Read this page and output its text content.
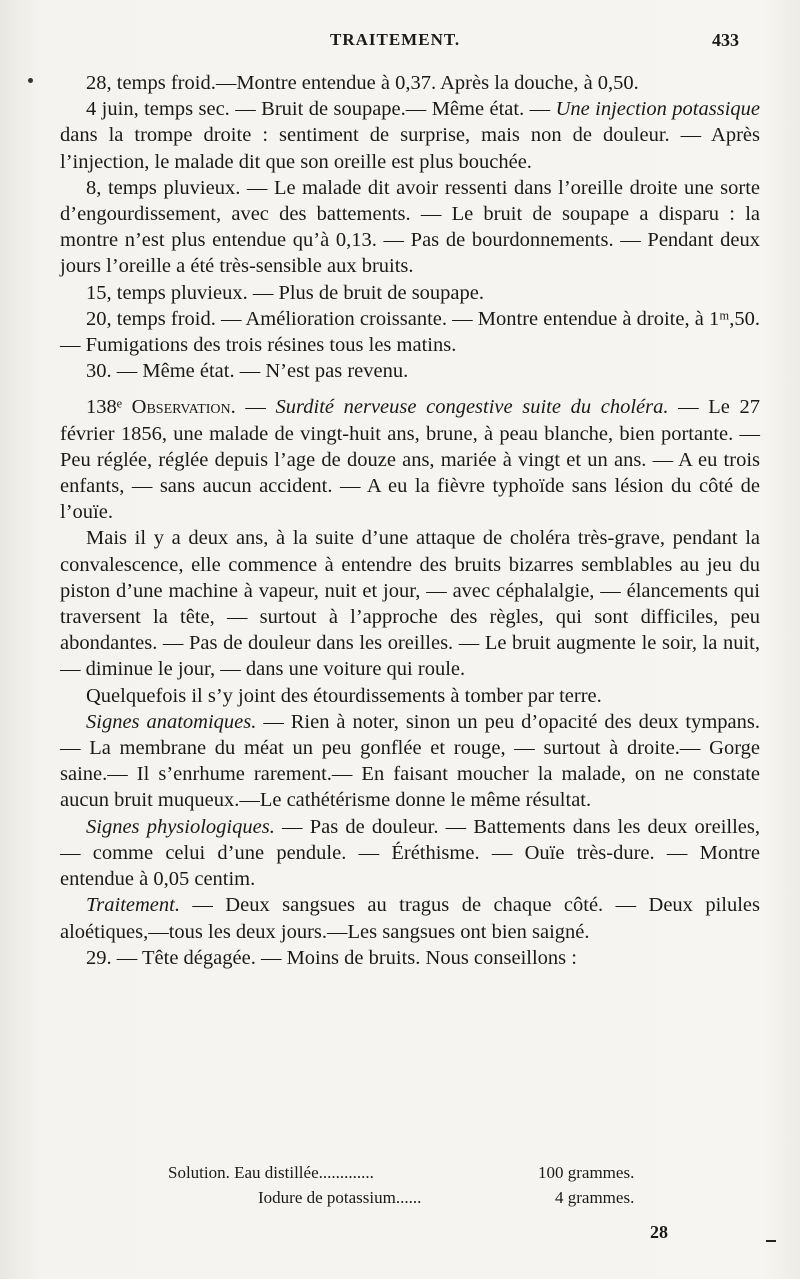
TRAITEMENT.	433

28, temps froid.—Montre entendue à 0,37. Après la douche, à 0,50.

4 juin, temps sec. — Bruit de soupape.— Même état. — Une injection potassique dans la trompe droite : sentiment de surprise, mais non de douleur. — Après l’injection, le malade dit que son oreille est plus bouchée.

8, temps pluvieux. — Le malade dit avoir ressenti dans l’oreille droite une sorte d’engourdissement, avec des battements. — Le bruit de soupape a disparu : la montre n’est plus entendue qu’à 0,13. — Pas de bourdonnements. — Pendant deux jours l’oreille a été très-sensible aux bruits.

15, temps pluvieux. — Plus de bruit de soupape.

20, temps froid. — Amélioration croissante. — Montre entendue à droite, à 1ᵐ,50. — Fumigations des trois résines tous les matins.

30. — Même état. — N’est pas revenu.

138ᵉ Observation. — Surdité nerveuse congestive suite du choléra. — Le 27 février 1856, une malade de vingt-huit ans, brune, à peau blanche, bien portante. — Peu réglée, réglée depuis l’age de douze ans, mariée à vingt et un ans. — A eu trois enfants, — sans aucun accident. — A eu la fièvre typhoïde sans lésion du côté de l’ouïe.

Mais il y a deux ans, à la suite d’une attaque de choléra très-grave, pendant la convalescence, elle commence à entendre des bruits bizarres semblables au jeu du piston d’une machine à vapeur, nuit et jour, — avec céphalalgie, — élancements qui traversent la tête, — surtout à l’approche des règles, qui sont difficiles, peu abondantes. — Pas de douleur dans les oreilles. — Le bruit augmente le soir, la nuit, — diminue le jour, — dans une voiture qui roule.

Quelquefois il s’y joint des étourdissements à tomber par terre.

Signes anatomiques. — Rien à noter, sinon un peu d’opacité des deux tympans. — La membrane du méat un peu gonflée et rouge, — surtout à droite.— Gorge saine.— Il s’enrhume rarement.— En faisant moucher la malade, on ne constate aucun bruit muqueux.—Le cathétérisme donne le même résultat.

Signes physiologiques. — Pas de douleur. — Battements dans les deux oreilles, — comme celui d’une pendule. — Éréthisme. — Ouïe très-dure. — Montre entendue à 0,05 centim.

Traitement. — Deux sangsues au tragus de chaque côté. — Deux pilules aloétiques,—tous les deux jours.—Les sangsues ont bien saigné.

29. — Tête dégagée. — Moins de bruits. Nous conseillons :

Solution. Eau distillée.............	100 grammes.
Iodure de potassium......	4 grammes.
28
